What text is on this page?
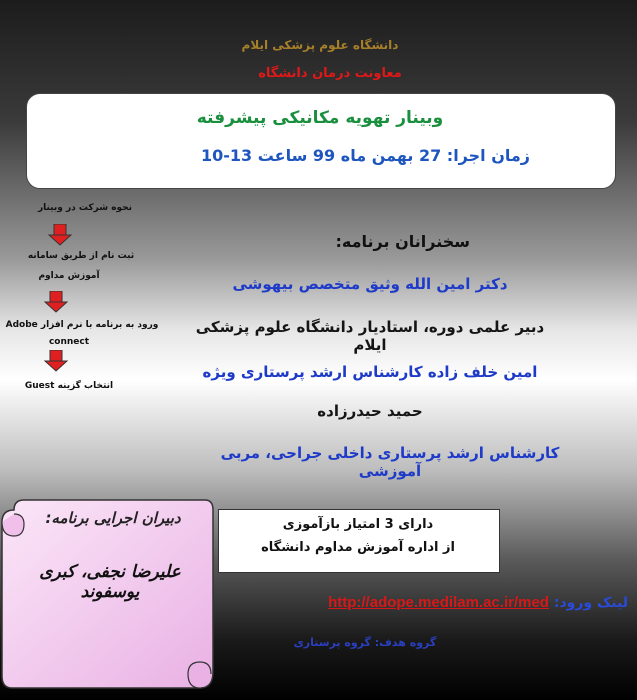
دانشگاه علوم پزشکی ایلام
معاونت درمان دانشگاه
وبینار تهویه مکانیکی پیشرفته
زمان اجرا: 27 بهمن ماه 99 ساعت 13-10
نحوه شرکت در وبینار
ثبت نام از طریق سامانه
آموزش مداوم
ورود به برنامه با نرم افزار Adobe
connect
انتخاب گزینه Guest
سخنرانان برنامه:
دکتر امین الله وثیق متخصص بیهوشی
دبیر علمی دوره، استادیار دانشگاه علوم پزشکی ایلام
امین خلف زاده کارشناس ارشد پرستاری ویژه
حمید حیدرزاده
کارشناس ارشد پرستاری داخلی جراحی، مربی آموزشی
دبیران اجرایی برنامه:
علیرضا نجفی، کبری یوسفوند
دارای 3 امتیاز بازآموزی
از اداره آموزش مداوم دانشگاه
لینک ورود: http://adope.medilam.ac.ir/med
گروه هدف: گروه پرستاری
